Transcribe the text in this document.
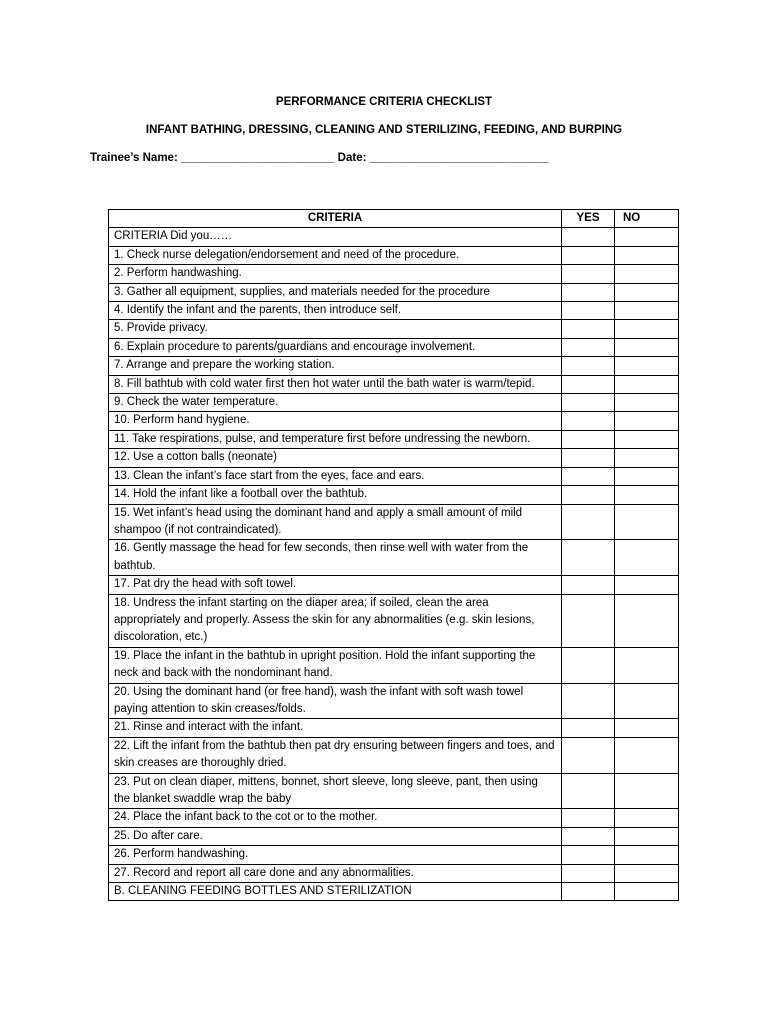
PERFORMANCE CRITERIA CHECKLIST
INFANT BATHING, DRESSING, CLEANING AND STERILIZING, FEEDING, AND BURPING
Trainee’s Name: ________________________ Date: ____________________________
CRITERIA	YES	NO
CRITERIA Did you……		
1. Check nurse delegation/endorsement and need of the procedure.		
2. Perform handwashing.		
3. Gather all equipment, supplies, and materials needed for the procedure		
4. Identify the infant and the parents, then introduce self.		
5. Provide privacy.		
6. Explain procedure to parents/guardians and encourage involvement.		
7. Arrange and prepare the working station.		
8. Fill bathtub with cold water first then hot water until the bath water is warm/tepid.		
9. Check the water temperature.		
10. Perform hand hygiene.		
11. Take respirations, pulse, and temperature first before undressing the newborn.		
12. Use a cotton balls (neonate)		
13. Clean the infant’s face start from the eyes, face and ears.		
14. Hold the infant like a football over the bathtub.		
15. Wet infant’s head using the dominant hand and apply a small amount of mild shampoo (if not contraindicated).		
16. Gently massage the head for few seconds, then rinse well with water from the bathtub.		
17. Pat dry the head with soft towel.		
18. Undress the infant starting on the diaper area; if soiled, clean the area appropriately and properly. Assess the skin for any abnormalities (e.g. skin lesions, discoloration, etc.)		
19. Place the infant in the bathtub in upright position. Hold the infant supporting the neck and back with the nondominant hand.		
20. Using the dominant hand (or free hand), wash the infant with soft wash towel paying attention to skin creases/folds.		
21. Rinse and interact with the infant.		
22. Lift the infant from the bathtub then pat dry ensuring between fingers and toes, and skin creases are thoroughly dried.		
23. Put on clean diaper, mittens, bonnet, short sleeve, long sleeve, pant, then using the blanket swaddle wrap the baby		
24. Place the infant back to the cot or to the mother.		
25. Do after care.		
26. Perform handwashing.		
27. Record and report all care done and any abnormalities.		
B. CLEANING FEEDING BOTTLES AND STERILIZATION		
